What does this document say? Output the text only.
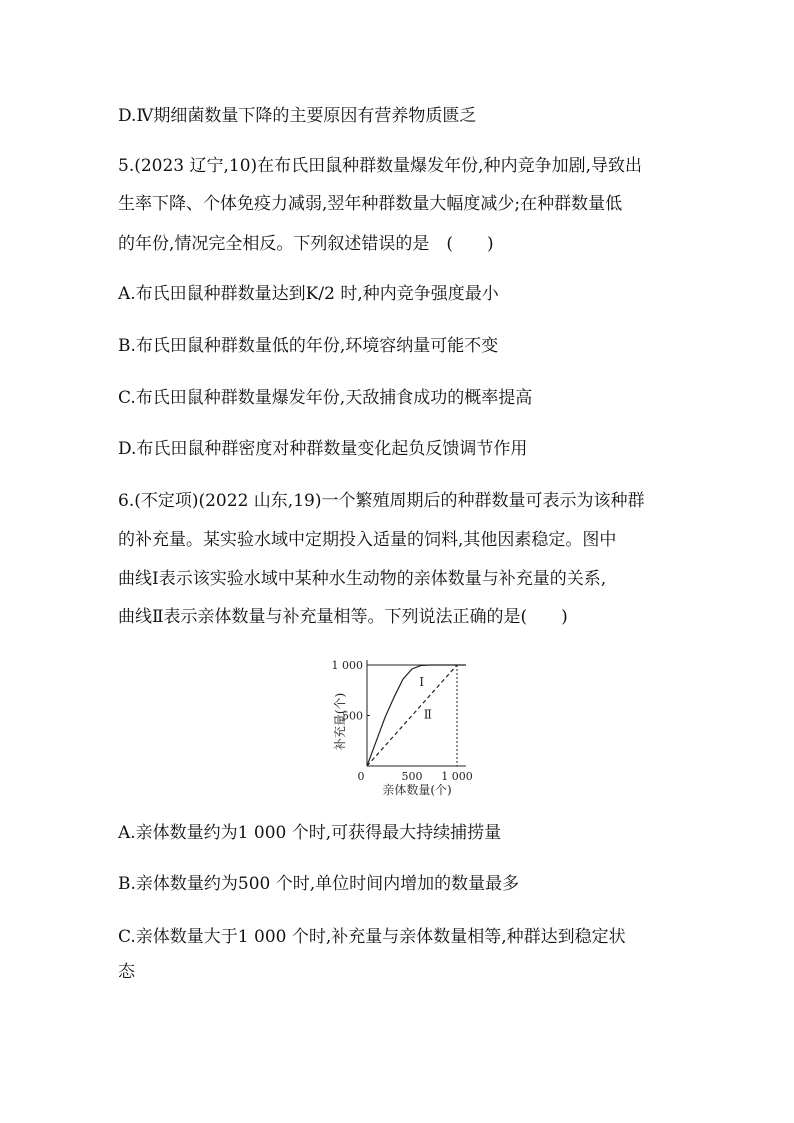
D.Ⅳ期细菌数量下降的主要原因有营养物质匮乏
5.(2023 辽宁,10)在布氏田鼠种群数量爆发年份,种内竞争加剧,导致出
生率下降、个体免疫力减弱,翌年种群数量大幅度减少;在种群数量低
的年份,情况完全相反。下列叙述错误的是　(　　)
A.布氏田鼠种群数量达到K/2 时,种内竞争强度最小
B.布氏田鼠种群数量低的年份,环境容纳量可能不变
C.布氏田鼠种群数量爆发年份,天敌捕食成功的概率提高
D.布氏田鼠种群密度对种群数量变化起负反馈调节作用
6.(不定项)(2022 山东,19)一个繁殖周期后的种群数量可表示为该种群
的补充量。某实验水域中定期投入适量的饲料,其他因素稳定。图中
曲线Ⅰ表示该实验水域中某种水生动物的亲体数量与补充量的关系,
曲线Ⅱ表示亲体数量与补充量相等。下列说法正确的是(　　)
500
1 000
0	500 1 000
Ⅰ
Ⅱ
亲体数量(个)
补充量(个)
A.亲体数量约为1 000 个时,可获得最大持续捕捞量
B.亲体数量约为500 个时,单位时间内增加的数量最多
C.亲体数量大于1 000 个时,补充量与亲体数量相等,种群达到稳定状
态
